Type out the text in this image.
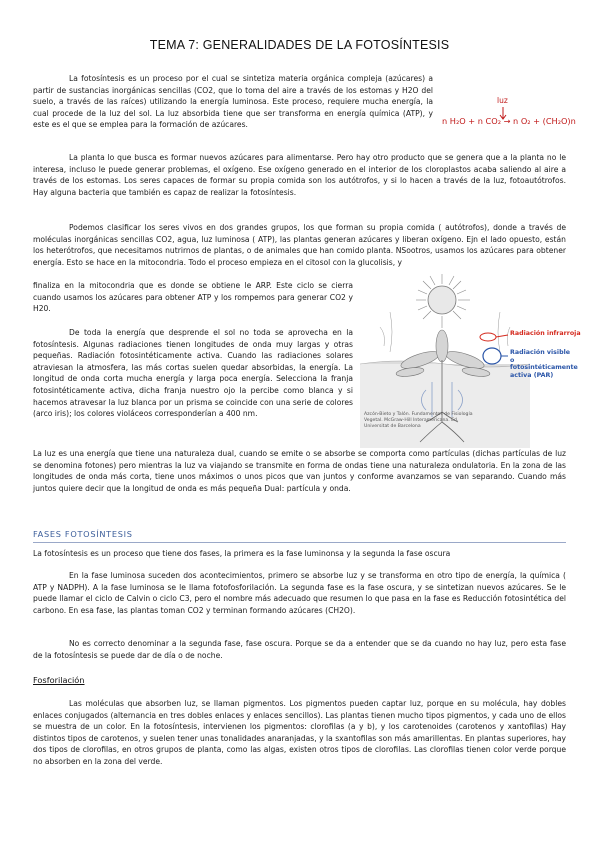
TEMA 7: GENERALIDADES DE LA FOTOSÍNTESIS
La fotosíntesis es un proceso por el cual se sintetiza materia orgánica compleja (azúcares) a partir de sustancias inorgánicas sencillas (CO2, que lo toma del aire a través de los estomas y H2O del suelo, a través de las raíces) utilizando la energía luminosa. Este proceso, requiere mucha energía, la cual procede de la luz del sol. La luz absorbida tiene que ser transforma en energía química (ATP), y este es el que se emplea para la formación de azúcares.
luz
n H₂O + n CO₂ → n O₂ + (CH₂O)n
La planta lo que busca es formar nuevos azúcares para alimentarse. Pero hay otro producto que se genera que a la planta no le interesa, incluso le puede generar problemas, el oxígeno. Ese oxígeno generado en el interior de los cloroplastos acaba saliendo al aire a través de los estomas. Los seres capaces de formar su propia comida son los autótrofos, y si lo hacen a través de la luz, fotoautótrofos. Hay alguna bacteria que también es capaz de realizar la fotosíntesis.
Podemos clasificar los seres vivos en dos grandes grupos, los que forman su propia comida ( autótrofos), donde a través de moléculas inorgánicas sencillas CO2, agua, luz luminosa ( ATP), las plantas generan azúcares y liberan oxígeno. Ejn el lado opuesto, están los heterótrofos, que necesitamos nutrirnos de plantas, o de animales que han comido planta. NSootros, usamos los azúcares para obtener energía. Esto se hace en la mitocondria. Todo el proceso empieza en el citosol con la glucolisis, y
finaliza en la mitocondria que es donde se obtiene le ARP. Este ciclo se cierra cuando usamos los azúcares para obtener ATP y los rompemos para generar CO2 y H20.
De toda la energía que desprende el sol no toda se aprovecha en la fotosíntesis. Algunas radiaciones tienen longitudes de onda muy largas y otras pequeñas. Radiación fotosintéticamente activa. Cuando las radiaciones solares atraviesan la atmosfera, las más cortas suelen quedar absorbidas, la energía. La longitud de onda corta mucha energía y larga poca energía. Selecciona la franja fotosintéticamente activa, dicha franja nuestro ojo la percibe como blanca y si hacemos atravesar la luz blanca por un prisma se coincide con una serie de colores (arco iris); los colores violáceos corresponderían a 400 nm.
Radiación infrarroja
Radiación visible o fotosintéticamente activa (PAR)
Azcón-Bieto y Talón. Fundamentos de Fisiología Vegetal. McGraw-Hill Interamericana. Ed. Universitat de Barcelona
La luz es una energía que tiene una naturaleza dual, cuando se emite o se absorbe se comporta como partículas (dichas partículas de luz se denomina fotones) pero mientras la luz va viajando se transmite en forma de ondas tiene una naturaleza ondulatoria. En la zona de las longitudes de onda más corta, tiene unos máximos o unos picos que van juntos y conforme avanzamos se van separando. Cuando más juntos quiere decir que la longitud de onda es más pequeña Dual: partícula y onda.
FASES FOTOSÍNTESIS
La fotosíntesis es un proceso que tiene dos fases, la primera es la fase luminonsa y la segunda la fase oscura
En la fase luminosa suceden dos acontecimientos, primero se absorbe luz y se transforma en otro tipo de energía, la química ( ATP y NADPH). A la fase luminosa se le llama fotofosforilación. La segunda fase es la fase oscura, y se sintetizan nuevos azúcares. Se le puede llamar el ciclo de Calvin o ciclo C3, pero el nombre más adecuado que resumen lo que pasa en la fase es Reducción fotosintética del carbono. En esa fase, las plantas toman CO2 y terminan formando azúcares (CH2O).
No es correcto denominar a la segunda fase, fase oscura. Porque se da a entender que se da cuando no hay luz, pero esta fase de la fotosíntesis se puede dar de día o de noche.
Fosforilación
Las moléculas que absorben luz, se llaman pigmentos. Los pigmentos pueden captar luz, porque en su molécula, hay dobles enlaces conjugados (alternancia en tres dobles enlaces y enlaces sencillos). Las plantas tienen mucho tipos pigmentos, y cada uno de ellos se muestra de un color. En la fotosíntesis, intervienen los pigmentos: clorofilas (a y b), y los carotenoides (carotenos y xantofilas) Hay distintos tipos de carotenos, y suelen tener unas tonalidades anaranjadas, y la sxantofilas son más amarillentas. En plantas superiores, hay dos tipos de clorofilas, en otros grupos de planta, como las algas, existen otros tipos de clorofilas. Las clorofilas tienen color verde porque no absorben en la zona del verde.
